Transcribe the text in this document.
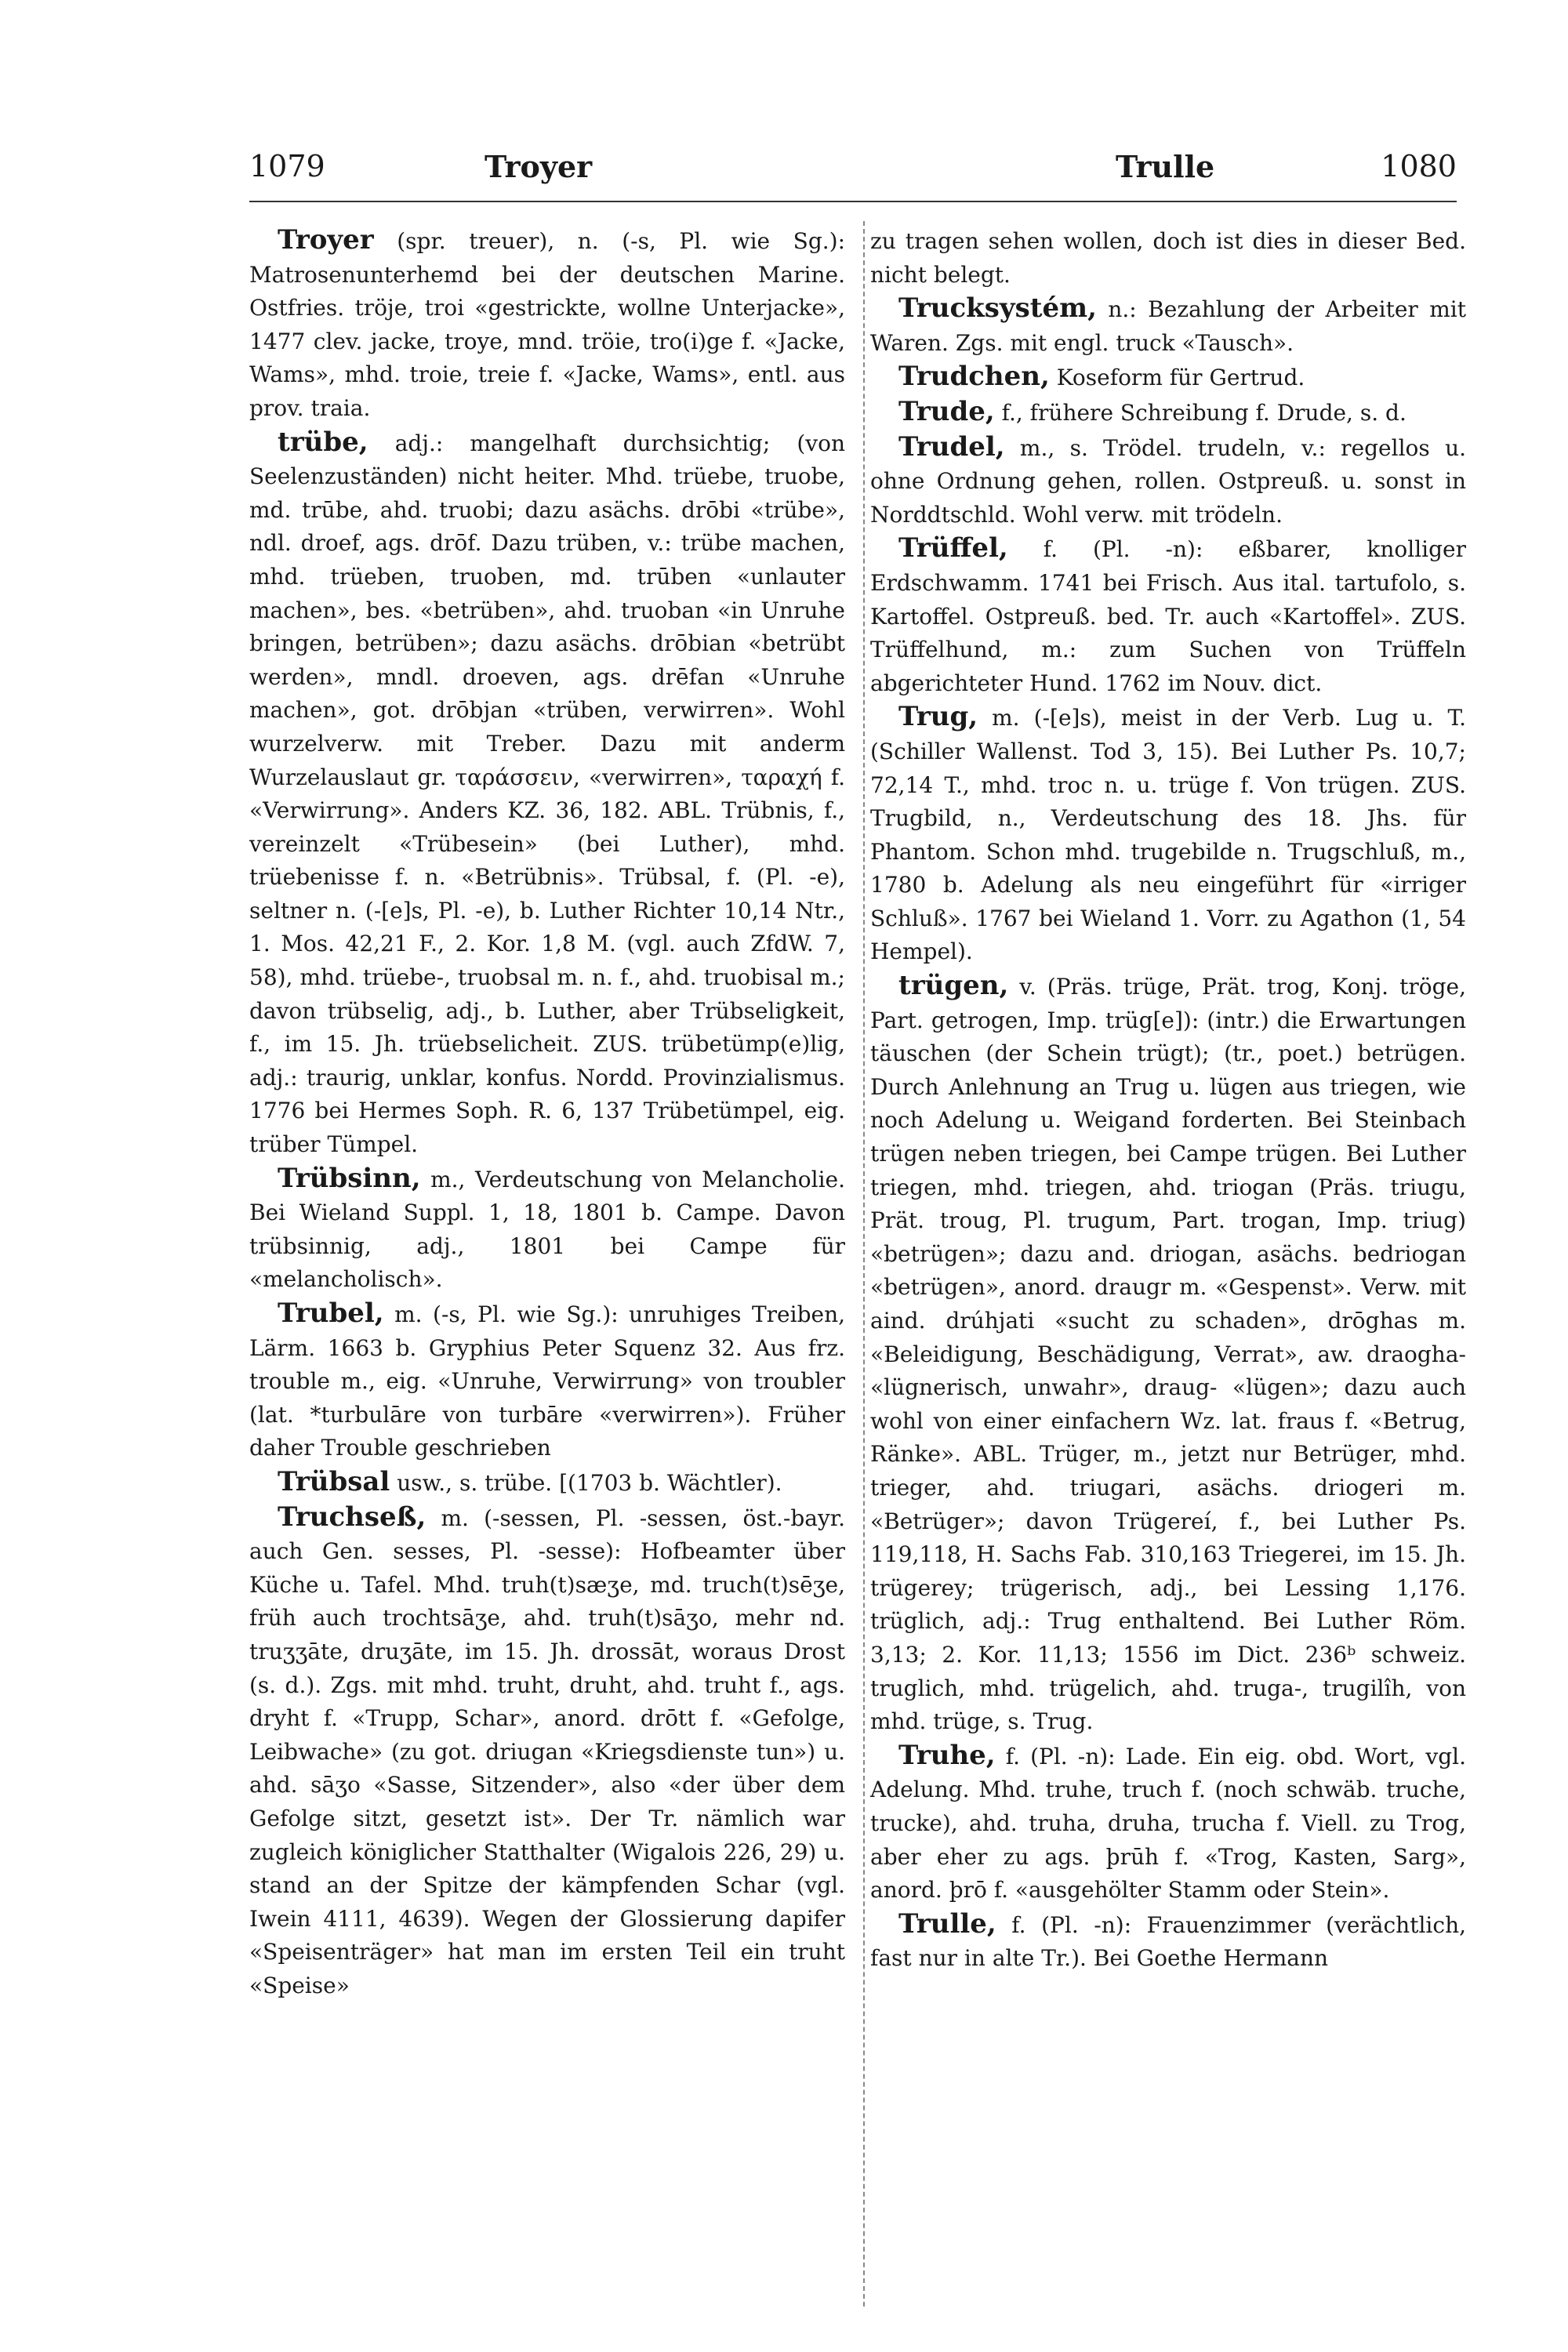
1079	Troyer	Trulle	1080

Troyer (spr. treuer), n. (-s, Pl. wie Sg.): Matrosenunterhemd bei der deutschen Marine. Ostfries. tröje, troi «gestrickte, wollne Unterjacke», 1477 clev. jacke, troye, mnd. tröie, tro(i)ge f. «Jacke, Wams», mhd. troie, treie f. «Jacke, Wams», entl. aus prov. traia.

trübe, adj.: mangelhaft durchsichtig; (von Seelenzuständen) nicht heiter. Mhd. trüebe, truobe, md. trūbe, ahd. truobi; dazu asächs. drōbi «trübe», ndl. droef, ags. drōf. Dazu trüben, v.: trübe machen, mhd. trüeben, truoben, md. trūben «unlauter machen», bes. «betrüben», ahd. truoban «in Unruhe bringen, betrüben»; dazu asächs. drōbian «betrübt werden», mndl. droeven, ags. drēfan «Unruhe machen», got. drōbjan «trüben, verwirren». Wohl wurzelverw. mit Treber. Dazu mit anderm Wurzelauslaut gr. ταράσσειν, «verwirren», ταραχή f. «Verwirrung». Anders KZ. 36, 182. ABL. Trübnis, f., vereinzelt «Trübesein» (bei Luther), mhd. trüebenisse f. n. «Betrübnis». Trübsal, f. (Pl. -e), seltner n. (-[e]s, Pl. -e), b. Luther Richter 10,14 Ntr., 1. Mos. 42,21 F., 2. Kor. 1,8 M. (vgl. auch ZfdW. 7, 58), mhd. trüebe-, truobsal m. n. f., ahd. truobisal m.; davon trübselig, adj., b. Luther, aber Trübseligkeit, f., im 15. Jh. trüebselicheit. ZUS. trübetümp(e)lig, adj.: traurig, unklar, konfus. Nordd. Provinzialismus. 1776 bei Hermes Soph. R. 6, 137 Trübetümpel, eig. trüber Tümpel.

Trübsinn, m., Verdeutschung von Melancholie. Bei Wieland Suppl. 1, 18, 1801 b. Campe. Davon trübsinnig, adj., 1801 bei Campe für «melancholisch».

Trubel, m. (-s, Pl. wie Sg.): unruhiges Treiben, Lärm. 1663 b. Gryphius Peter Squenz 32. Aus frz. trouble m., eig. «Unruhe, Verwirrung» von troubler (lat. *turbulāre von turbāre «verwirren»). Früher daher Trouble geschrieben

Trübsal usw., s. trübe. [(1703 b. Wächtler).

Truchseß, m. (-sessen, Pl. -sessen, öst.-bayr. auch Gen. sesses, Pl. -sesse): Hofbeamter über Küche u. Tafel. Mhd. truh(t)sæʒe, md. truch(t)sēʒe, früh auch trochtsāʒe, ahd. truh(t)sāʒo, mehr nd. truʒʒāte, druʒāte, im 15. Jh. drossāt, woraus Drost (s. d.). Zgs. mit mhd. truht, druht, ahd. truht f., ags. dryht f. «Trupp, Schar», anord. drōtt f. «Gefolge, Leibwache» (zu got. driugan «Kriegsdienste tun») u. ahd. sāʒo «Sasse, Sitzender», also «der über dem Gefolge sitzt, gesetzt ist». Der Tr. nämlich war zugleich königlicher Statthalter (Wigalois 226, 29) u. stand an der Spitze der kämpfenden Schar (vgl. Iwein 4111, 4639). Wegen der Glossierung dapifer «Speisenträger» hat man im ersten Teil ein truht «Speise»

zu tragen sehen wollen, doch ist dies in dieser Bed. nicht belegt.

Trucksystém, n.: Bezahlung der Arbeiter mit Waren. Zgs. mit engl. truck «Tausch».

Trudchen, Koseform für Gertrud.

Trude, f., frühere Schreibung f. Drude, s. d.

Trudel, m., s. Trödel. trudeln, v.: regellos u. ohne Ordnung gehen, rollen. Ostpreuß. u. sonst in Norddtschld. Wohl verw. mit trödeln.

Trüffel, f. (Pl. -n): eßbarer, knolliger Erdschwamm. 1741 bei Frisch. Aus ital. tartufolo, s. Kartoffel. Ostpreuß. bed. Tr. auch «Kartoffel». ZUS. Trüffelhund, m.: zum Suchen von Trüffeln abgerichteter Hund. 1762 im Nouv. dict.

Trug, m. (-[e]s), meist in der Verb. Lug u. T. (Schiller Wallenst. Tod 3, 15). Bei Luther Ps. 10,7; 72,14 T., mhd. troc n. u. trüge f. Von trügen. ZUS. Trugbild, n., Verdeutschung des 18. Jhs. für Phantom. Schon mhd. trugebilde n. Trugschluß, m., 1780 b. Adelung als neu eingeführt für «irriger Schluß». 1767 bei Wieland 1. Vorr. zu Agathon (1, 54 Hempel).

trügen, v. (Präs. trüge, Prät. trog, Konj. tröge, Part. getrogen, Imp. trüg[e]): (intr.) die Erwartungen täuschen (der Schein trügt); (tr., poet.) betrügen. Durch Anlehnung an Trug u. lügen aus triegen, wie noch Adelung u. Weigand forderten. Bei Steinbach trügen neben triegen, bei Campe trügen. Bei Luther triegen, mhd. triegen, ahd. triogan (Präs. triugu, Prät. troug, Pl. trugum, Part. trogan, Imp. triug) «betrügen»; dazu and. driogan, asächs. bedriogan «betrügen», anord. draugr m. «Gespenst». Verw. mit aind. drúhjati «sucht zu schaden», drōghas m. «Beleidigung, Beschädigung, Verrat», aw. draogha- «lügnerisch, unwahr», draug- «lügen»; dazu auch wohl von einer einfachern Wz. lat. fraus f. «Betrug, Ränke». ABL. Trüger, m., jetzt nur Betrüger, mhd. trieger, ahd. triugari, asächs. driogeri m. «Betrüger»; davon Trügereí, f., bei Luther Ps. 119,118, H. Sachs Fab. 310,163 Triegerei, im 15. Jh. trügerey; trügerisch, adj., bei Lessing 1,176. trüglich, adj.: Trug enthaltend. Bei Luther Röm. 3,13; 2. Kor. 11,13; 1556 im Dict. 236ᵇ schweiz. truglich, mhd. trügelich, ahd. truga-, trugilîh, von mhd. trüge, s. Trug.

Truhe, f. (Pl. -n): Lade. Ein eig. obd. Wort, vgl. Adelung. Mhd. truhe, truch f. (noch schwäb. truche, trucke), ahd. truha, druha, trucha f. Viell. zu Trog, aber eher zu ags. þrūh f. «Trog, Kasten, Sarg», anord. þrō f. «ausgehölter Stamm oder Stein».

Trulle, f. (Pl. -n): Frauenzimmer (verächtlich, fast nur in alte Tr.). Bei Goethe Hermann
